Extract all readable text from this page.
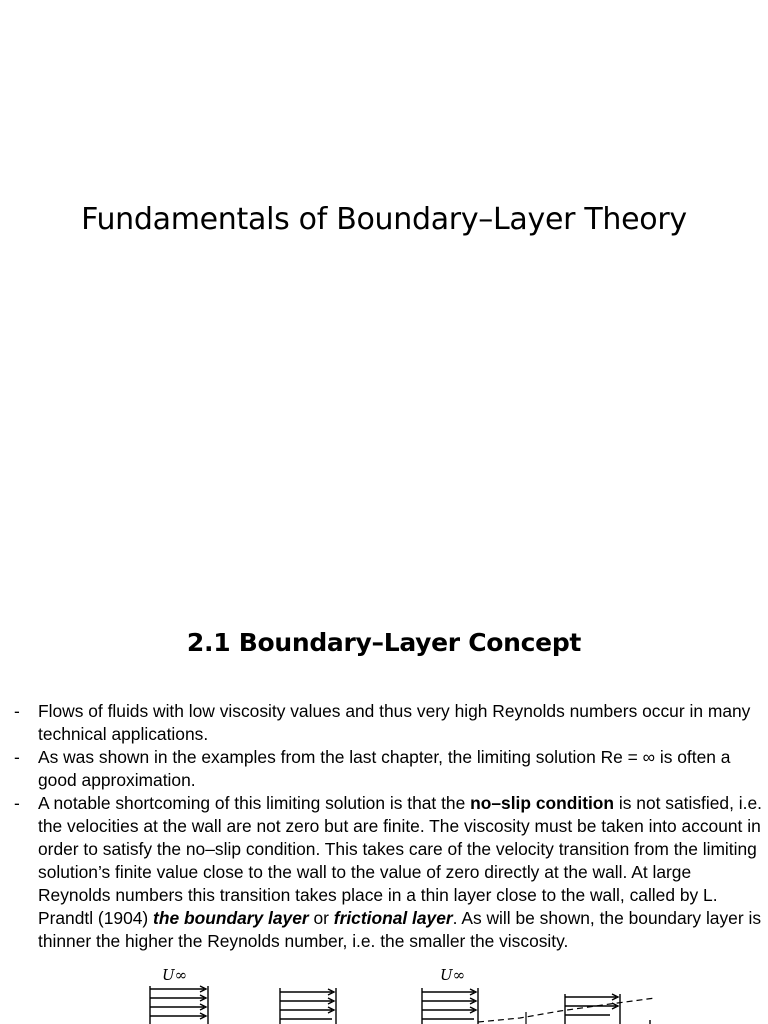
Fundamentals of Boundary–Layer Theory
2.1 Boundary–Layer Concept
- Flows of fluids with low viscosity values and thus very high Reynolds numbers occur in many technical applications.
- As was shown in the examples from the last chapter, the limiting solution Re = ∞ is often a good approximation.
- A notable shortcoming of this limiting solution is that the no–slip condition is not satisfied, i.e. the velocities at the wall are not zero but are finite. The viscosity must be taken into account in order to satisfy the no–slip condition. This takes care of the velocity transition from the limiting solution’s finite value close to the wall to the value of zero directly at the wall. At large Reynolds numbers this transition takes place in a thin layer close to the wall, called by L. Prandtl (1904) the boundary layer or frictional layer. As will be shown, the boundary layer is thinner the higher the Reynolds number, i.e. the smaller the viscosity.
U∞	U∞
